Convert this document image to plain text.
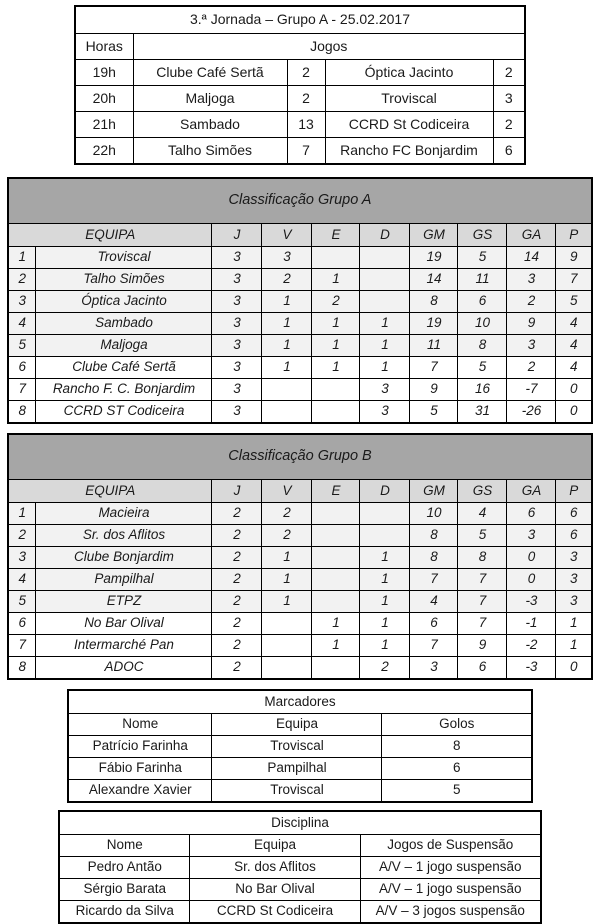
3.ª Jornada – Grupo A - 25.02.2017				
Horas	Jogos			
19h	Clube Café Sertã	2	Óptica Jacinto	2
20h	Maljoga	2	Troviscal	3
21h	Sambado	13	CCRD St Codiceira	2
22h	Talho Simões	7	Rancho FC Bonjardim	6
Classificação Grupo A									
EQUIPA		J	V	E	D	GM	GS	GA	P
1	Troviscal	3	3			19	5	14	9
2	Talho Simões	3	2	1		14	11	3	7
3	Óptica Jacinto	3	1	2		8	6	2	5
4	Sambado	3	1	1	1	19	10	9	4
5	Maljoga	3	1	1	1	11	8	3	4
6	Clube Café Sertã	3	1	1	1	7	5	2	4
7	Rancho F. C. Bonjardim	3			3	9	16	-7	0
8	CCRD ST Codiceira	3			3	5	31	-26	0
Classificação Grupo B									
EQUIPA		J	V	E	D	GM	GS	GA	P
1	Macieira	2	2			10	4	6	6
2	Sr. dos Aflitos	2	2			8	5	3	6
3	Clube Bonjardim	2	1		1	8	8	0	3
4	Pampilhal	2	1		1	7	7	0	3
5	ETPZ	2	1		1	4	7	-3	3
6	No Bar Olival	2		1	1	6	7	-1	1
7	Intermarché Pan	2		1	1	7	9	-2	1
8	ADOC	2			2	3	6	-3	0
Marcadores		
Nome	Equipa	Golos
Patrício Farinha	Troviscal	8
Fábio Farinha	Pampilhal	6
Alexandre Xavier	Troviscal	5
Disciplina		
Nome	Equipa	Jogos de Suspensão
Pedro Antão	Sr. dos Aflitos	A/V – 1 jogo suspensão
Sérgio Barata	No Bar Olival	A/V – 1 jogo suspensão
Ricardo da Silva	CCRD St Codiceira	A/V – 3 jogos suspensão
